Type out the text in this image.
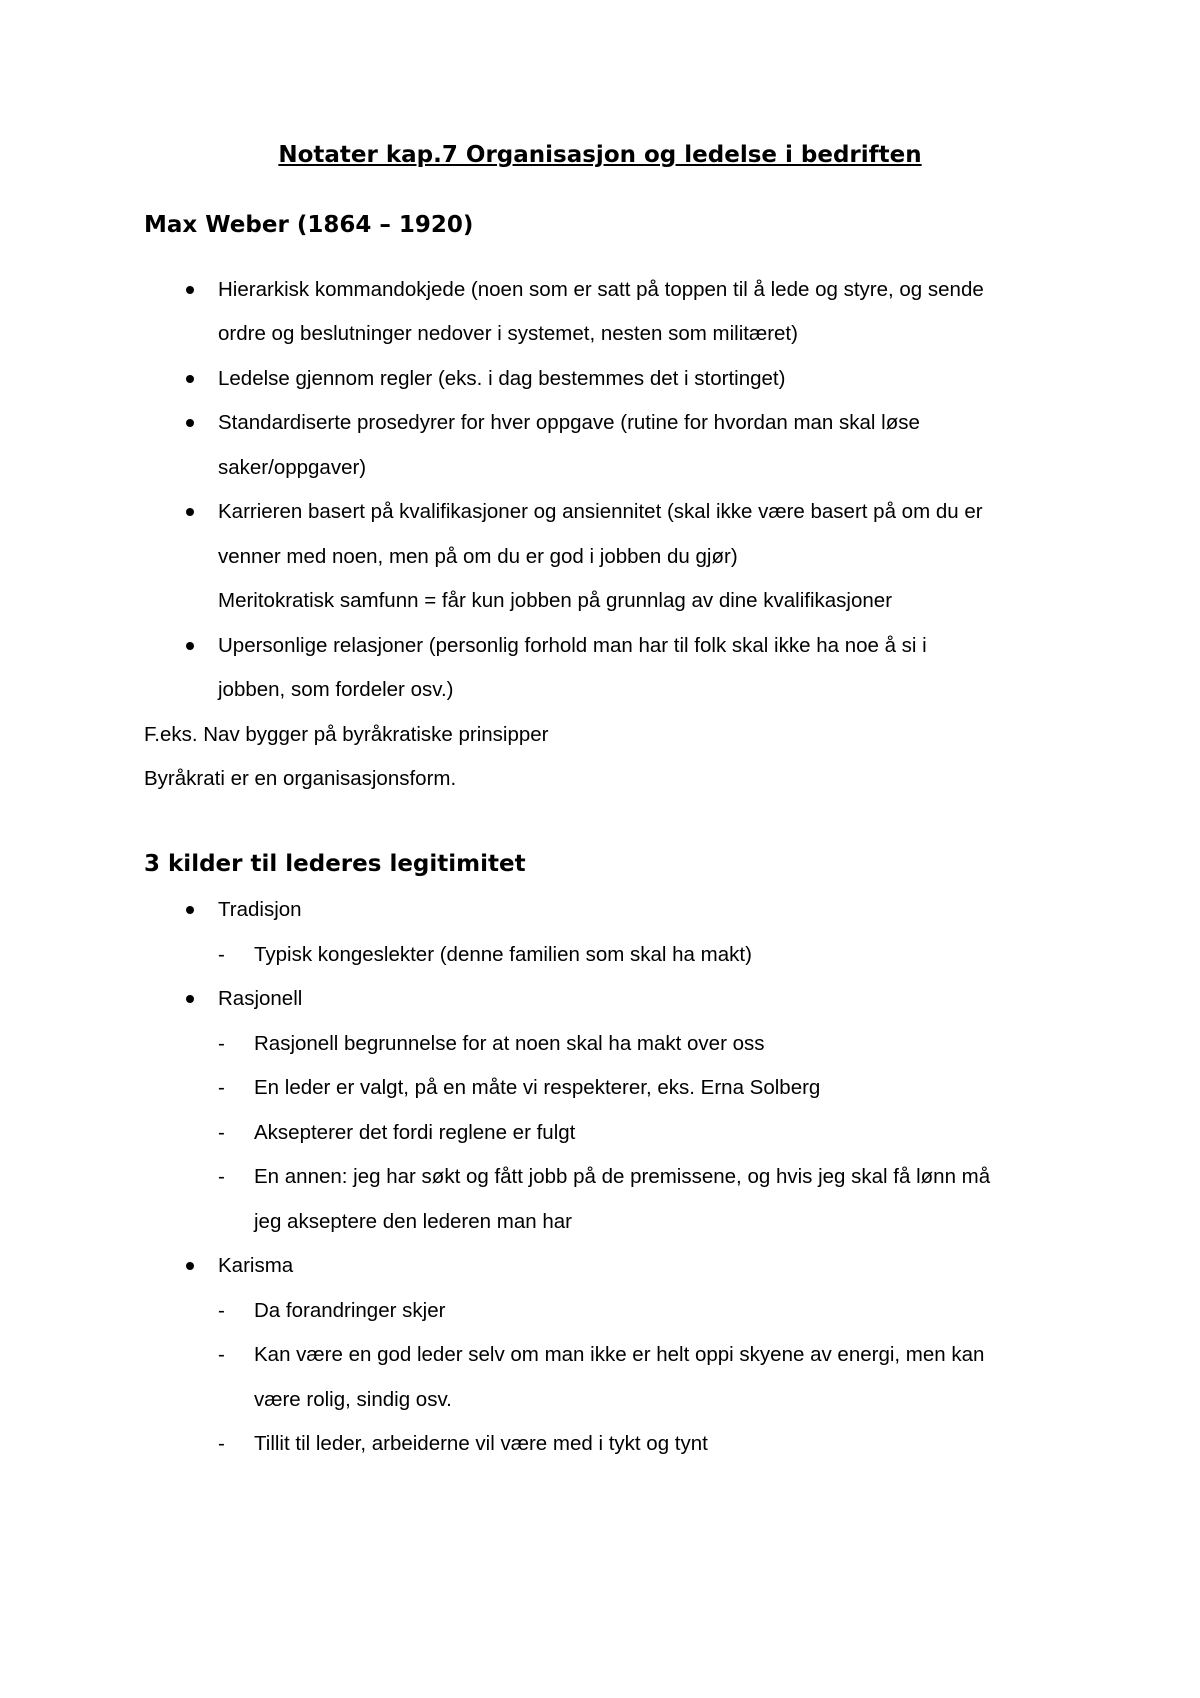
Notater kap.7 Organisasjon og ledelse i bedriften
Max Weber (1864 – 1920)

Hierarkisk kommandokjede (noen som er satt på toppen til å lede og styre, og sende

ordre og beslutninger nedover i systemet, nesten som militæret)

Ledelse gjennom regler (eks. i dag bestemmes det i stortinget)

Standardiserte prosedyrer for hver oppgave (rutine for hvordan man skal løse

saker/oppgaver)

Karrieren basert på kvalifikasjoner og ansiennitet (skal ikke være basert på om du er

venner med noen, men på om du er god i jobben du gjør)

Meritokratisk samfunn = får kun jobben på grunnlag av dine kvalifikasjoner

Upersonlige relasjoner (personlig forhold man har til folk skal ikke ha noe å si i

jobben, som fordeler osv.)

F.eks. Nav bygger på byråkratiske prinsipper

Byråkrati er en organisasjonsform.

3 kilder til lederes legitimitet

Tradisjon

- Typisk kongeslekter (denne familien som skal ha makt)

Rasjonell

- Rasjonell begrunnelse for at noen skal ha makt over oss

- En leder er valgt, på en måte vi respekterer, eks. Erna Solberg

- Aksepterer det fordi reglene er fulgt

- En annen: jeg har søkt og fått jobb på de premissene, og hvis jeg skal få lønn må

jeg akseptere den lederen man har

Karisma

- Da forandringer skjer

- Kan være en god leder selv om man ikke er helt oppi skyene av energi, men kan

være rolig, sindig osv.

- Tillit til leder, arbeiderne vil være med i tykt og tynt
